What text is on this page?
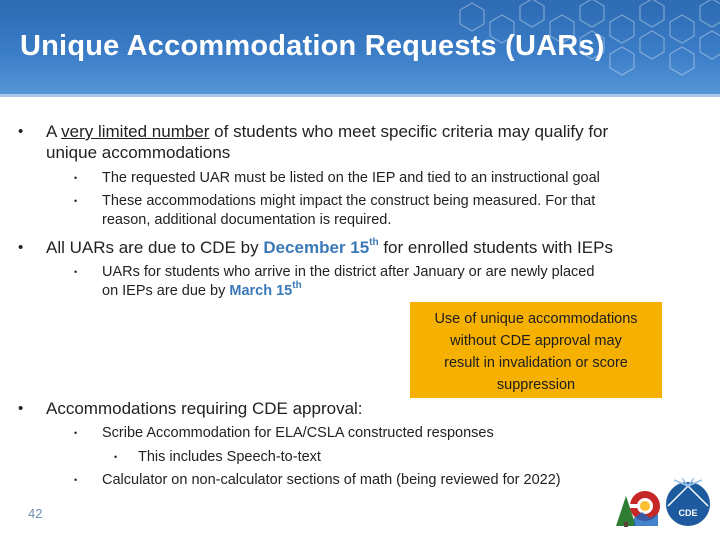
Unique Accommodation Requests (UARs)
•	A very limited number of students who meet specific criteria may qualify for
unique accommodations
•	The requested UAR must be listed on the IEP and tied to an instructional goal
•	These accommodations might impact the construct being measured. For that
reason, additional documentation is required.
•	All UARs are due to CDE by December 15th for enrolled students with IEPs
•	UARs for students who arrive in the district after January or are newly placed
on IEPs are due by March 15th
Use of unique accommodations
without CDE approval may
result in invalidation or score
suppression
•	Accommodations requiring CDE approval:
•	Scribe Accommodation for ELA/CSLA constructed responses
•	This includes Speech-to-text
•	Calculator on non-calculator sections of math (being reviewed for 2022)
42	CDE
